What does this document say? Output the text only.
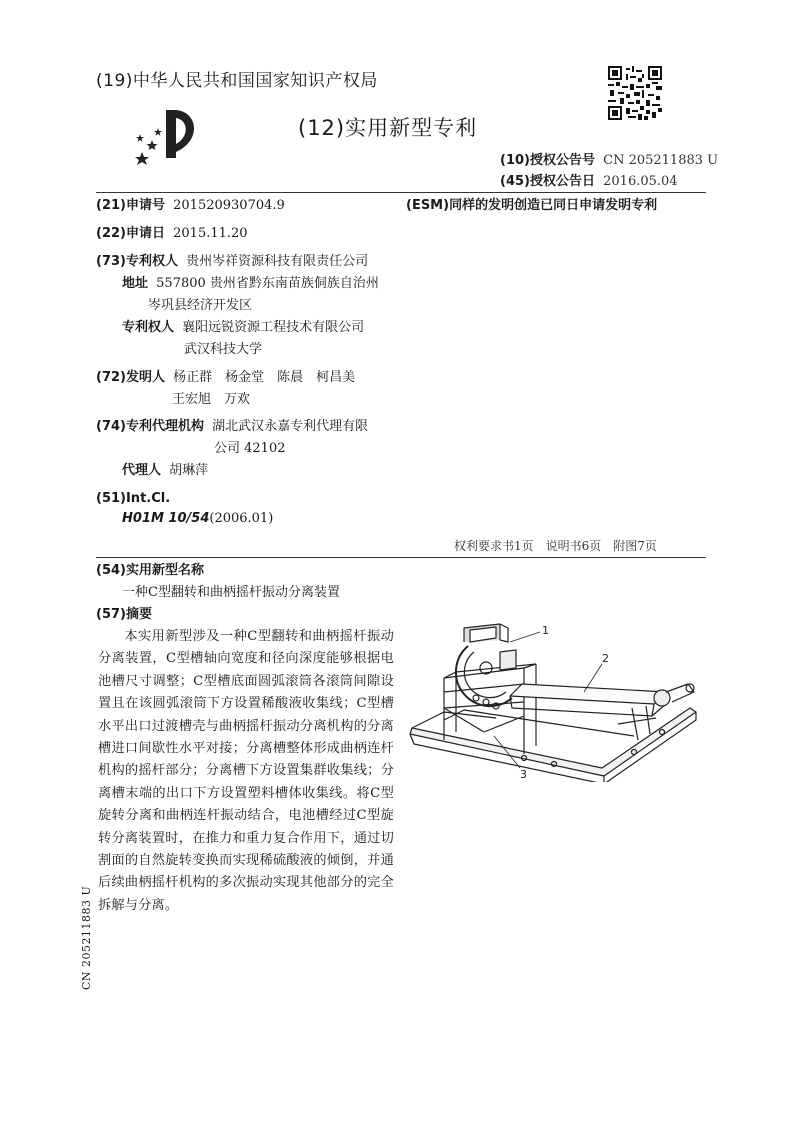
(19)中华人民共和国国家知识产权局
(12)实用新型专利
(10)授权公告号 CN 205211883 U
(45)授权公告日 2016.05.04
(21)申请号 201520930704.9
(22)申请日 2015.11.20
(73)专利权人 贵州岑祥资源科技有限责任公司
地址 557800 贵州省黔东南苗族侗族自治州
岑巩县经济开发区
专利权人 襄阳远锐资源工程技术有限公司
武汉科技大学
(72)发明人 杨正群　杨金堂　陈晨　柯昌美
王宏旭　万欢
(74)专利代理机构 湖北武汉永嘉专利代理有限
公司 42102
代理人 胡琳萍
(51)Int.Cl.
H01M 10/54(2006.01)
(ESM)同样的发明创造已同日申请发明专利
权利要求书1页　说明书6页　附图7页
(54)实用新型名称
一种C型翻转和曲柄摇杆振动分离装置
(57)摘要
本实用新型涉及一种C型翻转和曲柄摇杆振动分离装置，C型槽轴向宽度和径向深度能够根据电池槽尺寸调整；C型槽底面圆弧滚筒各滚筒间隙设置且在该圆弧滚筒下方设置稀酸液收集线；C型槽水平出口过渡槽壳与曲柄摇杆振动分离机构的分离槽进口间歇性水平对接；分离槽整体形成曲柄连杆机构的摇杆部分；分离槽下方设置集群收集线；分离槽末端的出口下方设置塑料槽体收集线。将C型旋转分离和曲柄连杆振动结合，电池槽经过C型旋转分离装置时，在推力和重力复合作用下，通过切割面的自然旋转变换而实现稀硫酸液的倾倒，并通后续曲柄摇杆机构的多次振动实现其他部分的完全拆解与分离。
1
2
3
CN 205211883 U
